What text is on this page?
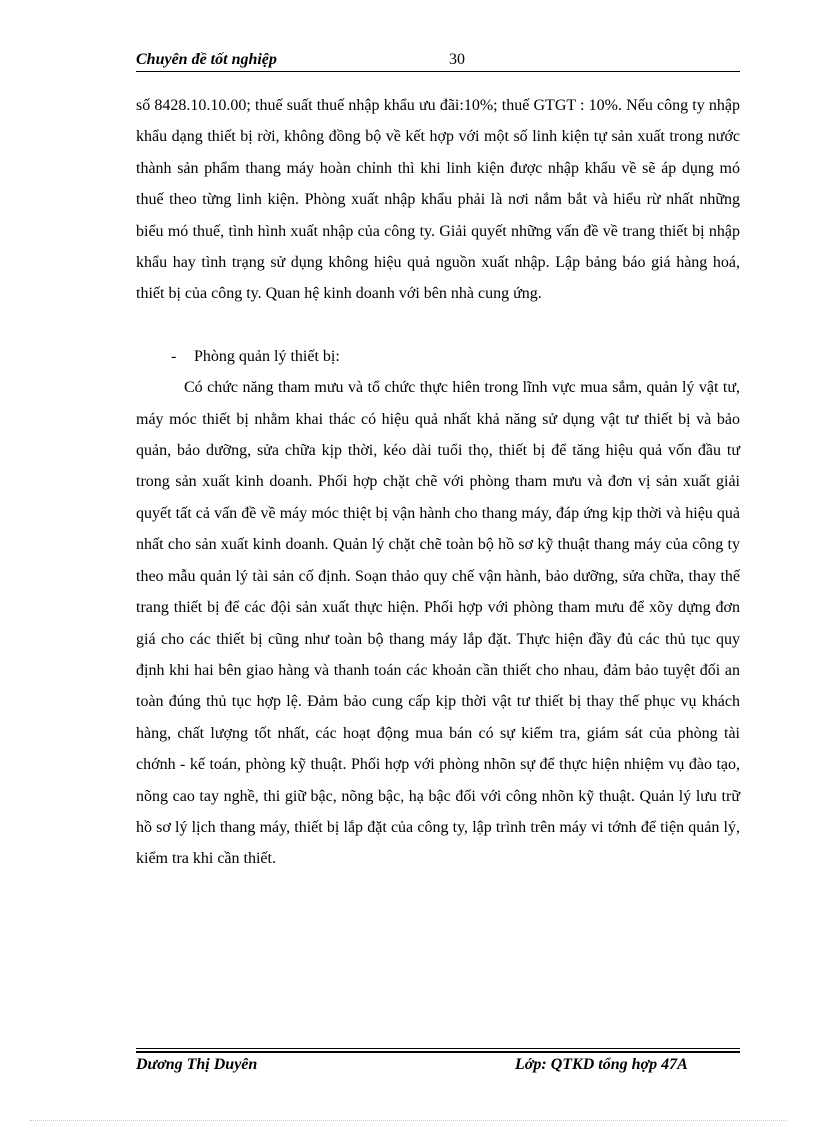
Chuyên đề tốt nghiệp	30

số 8428.10.10.00; thuế suất thuế nhập khẩu ưu đãi:10%; thuế GTGT : 10%. Nếu công ty nhập khẩu dạng thiết bị rời, không đồng bộ về kết hợp với một số linh kiện tự sản xuất trong nước thành sản phẩm thang máy hoàn chỉnh thì khi linh kiện được nhập khẩu về sẽ áp dụng mó thuế theo từng linh kiện. Phòng xuất nhập khẩu phải là nơi nắm bắt và hiểu rừ nhất những biểu mó thuế, tình hình xuất nhập của công ty. Giải quyết những vấn đề về trang thiết bị nhập khẩu hay tình trạng sử dụng không hiệu quả nguồn xuất nhập. Lập bảng báo giá hàng hoá, thiết bị của công ty. Quan hệ kinh doanh với bên nhà cung ứng.

- Phòng quản lý thiết bị:

Có chức năng tham mưu và tổ chức thực hiên trong lĩnh vực mua sắm, quản lý vật tư, máy móc thiết bị nhằm khai thác có hiệu quả nhất khả năng sử dụng vật tư thiết bị và bảo quản, bảo dưỡng, sửa chữa kịp thời, kéo dài tuổi thọ, thiết bị để tăng hiệu quả vốn đầu tư trong sản xuất kinh doanh. Phối hợp chặt chẽ với phòng tham mưu và đơn vị sản xuất giải quyết tất cả vấn đề về máy móc thiệt bị vận hành cho thang máy, đáp ứng kịp thời và hiệu quả nhất cho sản xuất kinh doanh. Quản lý chặt chẽ toàn bộ hồ sơ kỹ thuật thang máy của công ty theo mẫu quản lý tài sản cố định. Soạn thảo quy chế vận hành, bảo dưỡng, sửa chữa, thay thế trang thiết bị để các đội sản xuất thực hiện. Phối hợp với phòng tham mưu để xõy dựng đơn giá cho các thiết bị cũng như toàn bộ thang máy lắp đặt. Thực hiện đầy đủ các thủ tục quy định khi hai bên giao hàng và thanh toán các khoản cần thiết cho nhau, đảm bảo tuyệt đối an toàn đúng thủ tục hợp lệ. Đảm bảo cung cấp kịp thời vật tư thiết bị thay thế phục vụ khách hàng, chất lượng tốt nhất, các hoạt động mua bán có sự kiểm tra, giám sát của phòng tài chớnh - kế toán, phòng kỹ thuật. Phối hợp với phòng nhõn sự để thực hiện nhiệm vụ đào tạo, nõng cao tay nghề, thi giữ bậc, nõng bậc, hạ bậc đối với công nhõn kỹ thuật. Quản lý lưu trữ hồ sơ lý lịch thang máy, thiết bị lắp đặt của công ty, lập trình trên máy vi tớnh để tiện quản lý, kiểm tra khi cần thiết.

Dương Thị Duyên	Lớp: QTKD tổng hợp 47A
